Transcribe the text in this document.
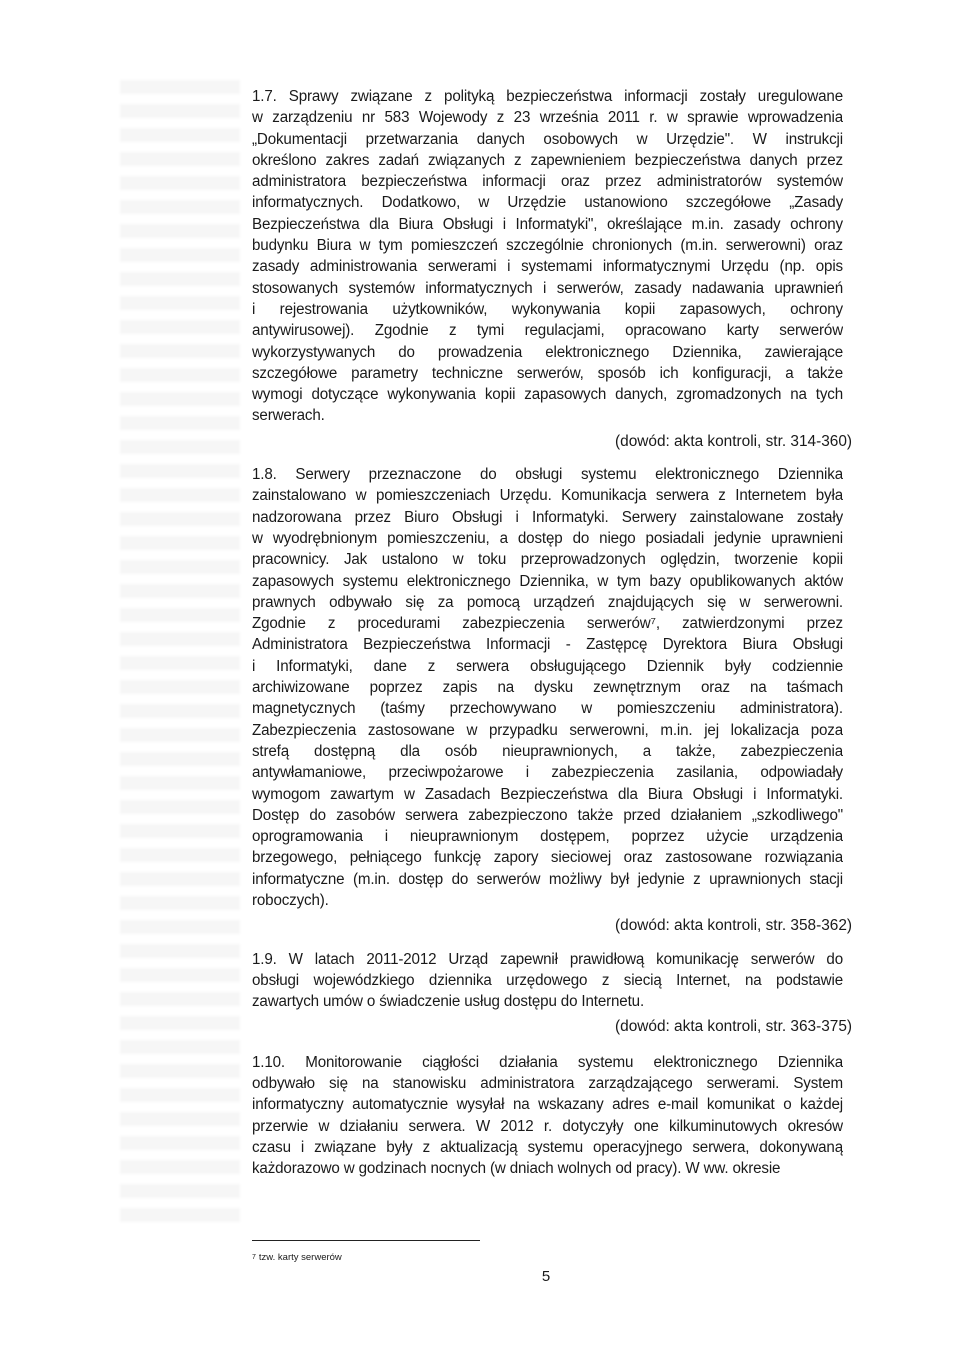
1.7. Sprawy związane z polityką bezpieczeństwa informacji zostały uregulowane

w zarządzeniu nr 583 Wojewody z 23 września 2011 r. w sprawie wprowadzenia

„Dokumentacji przetwarzania danych osobowych w Urzędzie". W instrukcji

określono zakres zadań związanych z zapewnieniem bezpieczeństwa danych przez

administratora bezpieczeństwa informacji oraz przez administratorów systemów

informatycznych. Dodatkowo, w Urzędzie ustanowiono szczegółowe „Zasady

Bezpieczeństwa dla Biura Obsługi i Informatyki", określające m.in. zasady ochrony

budynku Biura w tym pomieszczeń szczególnie chronionych (m.in. serwerowni) oraz

zasady administrowania serwerami i systemami informatycznymi Urzędu (np. opis

stosowanych systemów informatycznych i serwerów, zasady nadawania uprawnień

i rejestrowania użytkowników, wykonywania kopii zapasowych, ochrony

antywirusowej). Zgodnie z tymi regulacjami, opracowano karty serwerów

wykorzystywanych do prowadzenia elektronicznego Dziennika, zawierające

szczegółowe parametry techniczne serwerów, sposób ich konfiguracji, a także

wymogi dotyczące wykonywania kopii zapasowych danych, zgromadzonych na tych

serwerach.

(dowód: akta kontroli, str. 314-360)

1.8. Serwery przeznaczone do obsługi systemu elektronicznego Dziennika

zainstalowano w pomieszczeniach Urzędu. Komunikacja serwera z Internetem była

nadzorowana przez Biuro Obsługi i Informatyki. Serwery zainstalowane zostały

w wyodrębnionym pomieszczeniu, a dostęp do niego posiadali jedynie uprawnieni

pracownicy. Jak ustalono w toku przeprowadzonych oględzin, tworzenie kopii

zapasowych systemu elektronicznego Dziennika, w tym bazy opublikowanych aktów

prawnych odbywało się za pomocą urządzeń znajdujących się w serwerowni.

Zgodnie z procedurami zabezpieczenia serwerów⁷, zatwierdzonymi przez

Administratora Bezpieczeństwa Informacji - Zastępcę Dyrektora Biura Obsługi

i Informatyki, dane z serwera obsługującego Dziennik były codziennie

archiwizowane poprzez zapis na dysku zewnętrznym oraz na taśmach

magnetycznych (taśmy przechowywano w pomieszczeniu administratora).

Zabezpieczenia zastosowane w przypadku serwerowni, m.in. jej lokalizacja poza

strefą dostępną dla osób nieuprawnionych, a także, zabezpieczenia

antywłamaniowe, przeciwpożarowe i zabezpieczenia zasilania, odpowiadały

wymogom zawartym w Zasadach Bezpieczeństwa dla Biura Obsługi i Informatyki.

Dostęp do zasobów serwera zabezpieczono także przed działaniem „szkodliwego"

oprogramowania i nieuprawnionym dostępem, poprzez użycie urządzenia

brzegowego, pełniącego funkcję zapory sieciowej oraz zastosowane rozwiązania

informatyczne (m.in. dostęp do serwerów możliwy był jedynie z uprawnionych stacji

roboczych).

(dowód: akta kontroli, str. 358-362)

1.9. W latach 2011-2012 Urząd zapewnił prawidłową komunikację serwerów do

obsługi wojewódzkiego dziennika urzędowego z siecią Internet, na podstawie

zawartych umów o świadczenie usług dostępu do Internetu.

(dowód: akta kontroli, str. 363-375)

1.10. Monitorowanie ciągłości działania systemu elektronicznego Dziennika

odbywało się na stanowisku administratora zarządzającego serwerami. System

informatyczny automatycznie wysyłał na wskazany adres e-mail komunikat o każdej

przerwie w działaniu serwera. W 2012 r. dotyczyły one kilkuminutowych okresów

czasu i związane były z aktualizacją systemu operacyjnego serwera, dokonywaną

każdorazowo w godzinach nocnych (w dniach wolnych od pracy). W ww. okresie

$^7$ tzw. karty serwerów
5
